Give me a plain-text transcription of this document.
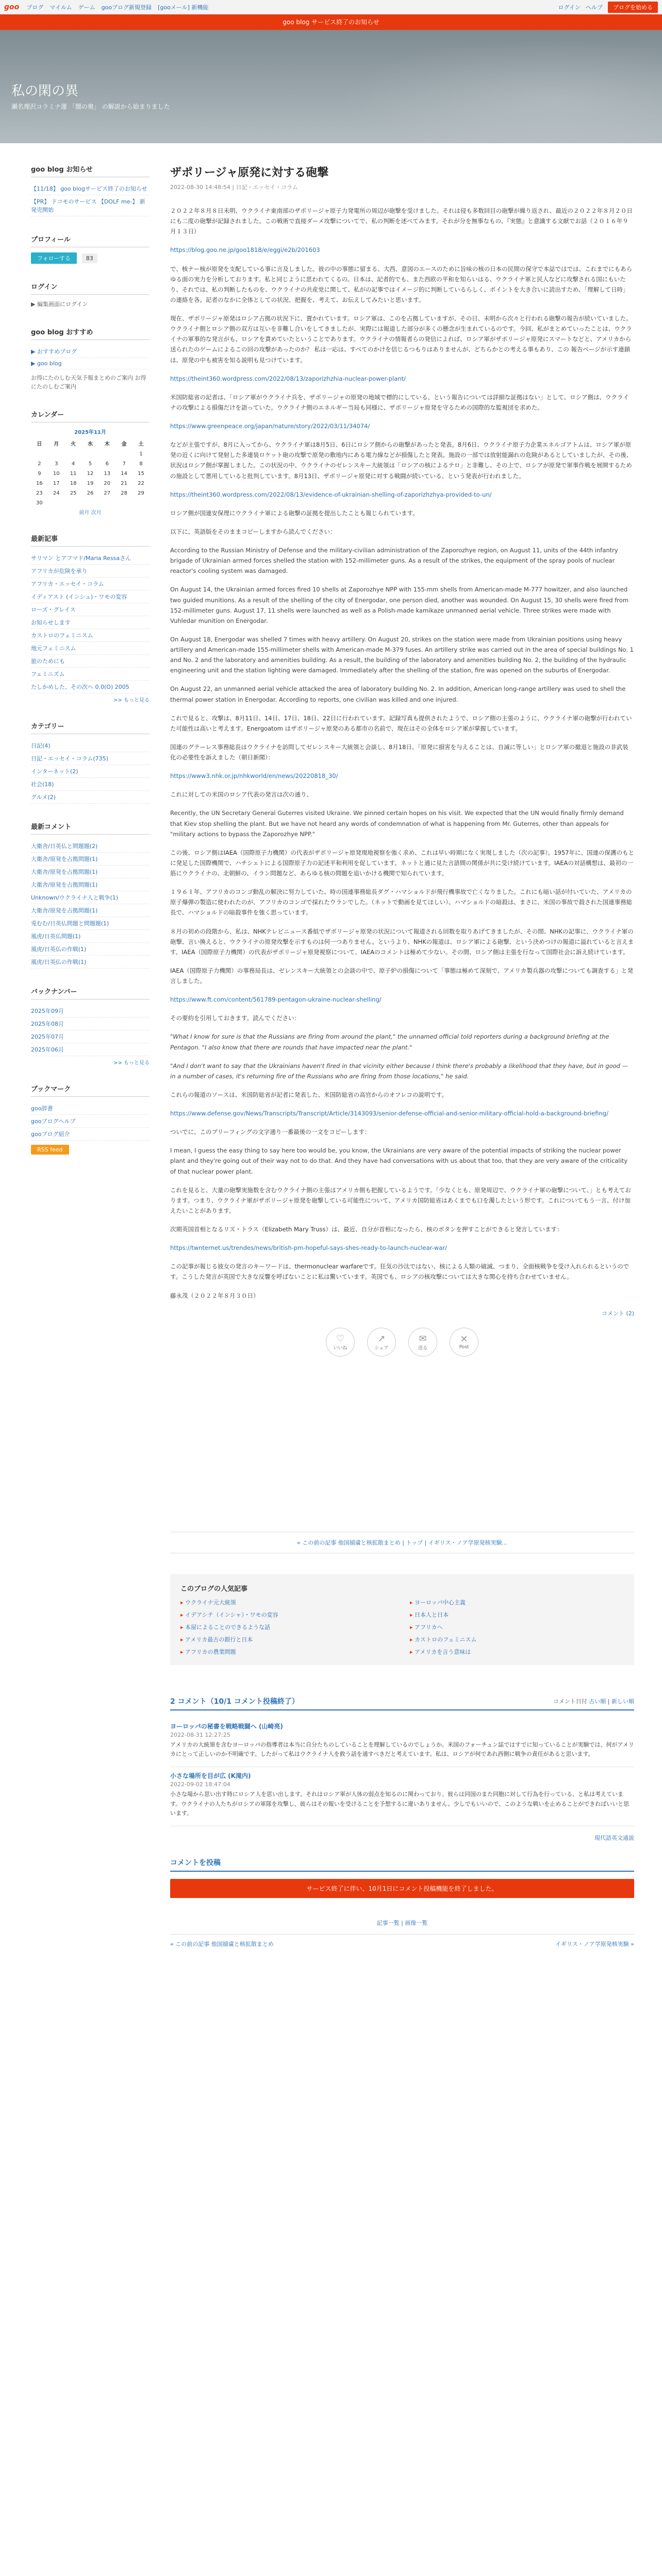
goo ブログ マイルム ゲーム gooブログ新規登録 [gooメール] 新機能	ログイン ヘルプ	ブログを始める
goo blog サービス終了のお知らせ
私の閑の異
瀬名理沢コラミナ運 「闇の奥」 の解説から始まりました
goo blog お知らせ
【11/18】 goo blogサービス終了のお知らせ
【PR】 ドコモのサービス 【DOLF me-】 新発売開始
プロフィール
フォローする	83
ログイン
▶ 編集画面にログイン
goo blog おすすめ
▶ おすすめブログ
▶ goo blog
お得にたのしむ天気予報まとめのご案内 お得にたのしむご案内
カレンダー
2025年11月
日	月	火	水	木	金	土
						1
2	3	4	5	6	7	8
9	10	11	12	13	14	15
16	17	18	19	20	21	22
23	24	25	26	27	28	29
30						
前月 次月
最新記事
サリマン とアフマド/Maria Ressaさん
アフリカが危険を承り
アフリカ・エッセイ・コラム
イディアスト (インシュ)・ワモの変容
ローズ・グレイス
お知らせします
カストロのフェミニスム
地元フェミニスム
旅のためにも
フェミニズム
たしかめした、その次へ 0.0(O) 2005
>> もっと見る
カテゴリー
日記(4)
日記・エッセイ・コラム(735)
インターネット(2)
社会(18)
グルメ(2)
最新コメント
大衛舎/日英仏と問題題(2)
大衛舎/原発を占拠問題(1)
大衛舎/原発を占拠問題(1)
大衛舎/原発を占拠問題(1)
Unknown/ウクライナ人と戦争(1)
大衛舎/原発を占拠問題(1)
兎むむ/日英仏問題と問題題(1)
風虎/日英仏問題(1)
風虎/日英仏の作戦(1)
風虎/日英仏の作戦(1)
バックナンバー
2025年09月
2025年08月
2025年07月
2025年06月
>> もっと見る
ブックマーク
goo辞書
gooブログヘルプ
gooブログ紹介
RSS feed
ザポリージャ原発に対する砲撃
2022-08-30 14:48:54 | 日記・エッセイ・コラム

２０２２年８月８日未明、ウクライナ東南部のザポリージャ原子力発電所の周辺が砲撃を受けました。それは侵も多数回目の砲撃が繰り返され、最近の２０２２年８月２０日にも二度の砲撃が記録されました。この戦術で直接ダーメ攻撃についてで、私の判断を述べてみます。それが分を無事なもの、『実態』と意識する文献でお話（２０１６年９月１３日）

https://blog.goo.ne.jp/goo1818/e/eggi/e2b/201603

で、核ナー核が原発を支配している事に言及しました。彼の中の事態に留まる、大西、意図のエースのために旨味の核の日本の民間の保守で本誌ではでは、これまでにもあらゆる面の実力を分析しております。私と同じように思われてくるの。日本は、記者的でも、また西欧の平和を知らいはる、ウクライナ軍と民人などに攻撃される国にもいたり、それでは、私の判断したものを、ウクライナの共産党に関して、私がの記事ではイメージ的に判断しているらしく、ポイントを大き合いに読出すため、「理解して日時」の連絡を各。記者のなかに全体としての状況、把握を、考えて、お伝えしてみたいと思います。

現在、ザポリージャ原発はロシア占拠の状況下に、置かれています。ロシア軍は、このを占拠していますが、その日、未明から次々と行われる砲撃の報告が続いていました。ウクライナ側とロシア側の双方は互いを非難し合いをしてきましたが、実際には報道した部分が多くの懸念が生まれているのです。今回、私がまとめていったことは、ウクライナの軍事的な発言がも、ロシアを責めていたということであります。ウクライナの情報者らの発信によれば、ロシア軍がザポリージャ原発にスマートなどと、アメリカから送られたのゲームによるこの回の攻撃があったのか？ 私は一応は、すべてのかけを信じるつもりはありませんが、どちらかとの考える事もあり、この 報告ページが示す連鎖は、原発の中も被害を知る説明も見つけています。

https://theint360.wordpress.com/2022/08/13/zaporizhzhia-nuclear-power-plant/

米国防総省の記者は、「ロシア軍がウクライナ兵を、ザポリージャの原発の地域で標的にしている、という報告については詳細な証拠はない」として、ロシア側は、ウクライナの攻撃による損傷だけを語っていた。ウクライナ側のエネルギー当局も同様に、ザポリージャ原発を守るための国際的な監視団を求めた。

https://www.greenpeace.org/japan/nature/story/2022/03/11/34074/

などが主張ですが、8月に入ってから、ウクライナ軍は8月5日、6日にロシア側からの砲撃があったと発表。8月6日、ウクライナ原子力企業エネルゴアトムは、ロシア軍が原発の近くに向けて発射した多連装ロケット砲の攻撃で原発の敷地内にある電力線などが損傷したと発表。施設の一部では放射能漏れの危険があるとしていましたが、その後、状況はロシア側が掌握しました。この状況の中、ウクライナのゼレンスキー大統領は「ロシアの核によるテロ」と非難し、その上で、ロシアが原発で軍事作戦を展開するための施設として悪用していると批判しています。8月13日、ザポリージャ原発に対する戦闘が続いている、という発表が行われました。

https://theint360.wordpress.com/2022/08/13/evidence-of-ukrainian-shelling-of-zaporizhzhya-provided-to-un/

ロシア側が国連安保理にウクライナ軍による砲撃の証拠を提出したことも報じられています。

以下に、英語版をそのままコピーしますから読んでください：

According to the Russian Ministry of Defense and the military-civilian administration of the Zaporozhye region, on August 11, units of the 44th infantry brigade of Ukrainian armed forces shelled the station with 152-millimeter guns. As a result of the strikes, the equipment of the spray pools of nuclear reactor's cooling system was damaged.

On August 14, the Ukrainian armed forces fired 10 shells at Zaporozhye NPP with 155-mm shells from American-made M-777 howitzer, and also launched two guided munitions. As a result of the shelling of the city of Energodar, one person died, another was wounded. On August 15, 30 shells were fired from 152-millimeter guns. August 17, 11 shells were launched as well as a Polish-made kamikaze unmanned aerial vehicle. Three strikes were made with Vuhledar munition on Energodar.

On August 18, Energodar was shelled 7 times with heavy artillery. On August 20, strikes on the station were made from Ukrainian positions using heavy artillery and American-made 155-millimeter shells with American-made M-379 fuses. An artillery strike was carried out in the area of special buildings No. 1 and No. 2 and the laboratory and amenities building. As a result, the building of the laboratory and amenities building No. 2, the building of the hydraulic engineering unit and the station lighting were damaged. Immediately after the shelling of the station, fire was opened on the suburbs of Energodar.

On August 22, an unmanned aerial vehicle attacked the area of laboratory building No. 2. In addition, American long-range artillery was used to shell the thermal power station in Energodar. According to reports, one civilian was killed and one injured.

これで見ると、攻撃は、8月11日、14日、17日、18日、22日に行われています。記録写真も提供されたようで、ロシア側の主張のように、ウクライナ軍の砲撃が行われていた可能性は高いと考えます。Energoatom はザポリージャ原発のある都市の名前で、現在はその全体をロシア軍が掌握しています。

国連のグテーレス事務総長はウクライナを訪問してゼレンスキー大統領と会談し、8月18日、「原発に損害を与えることは、自滅に等しい」とロシア軍の撤退と施設の非武装化の必要性を訴えました（朝日新聞）：

https://www3.nhk.or.jp/nhkworld/en/news/20220818_30/

これに対しての米国のロシア代表の発言は次の通り、

Recently, the UN Secretary General Guterres visited Ukraine. We pinned certain hopes on his visit. We expected that the UN would finally firmly demand that Kiev stop shelling the plant. But we have not heard any words of condemnation of what is happening from Mr. Guterres, other than appeals for "military actions to bypass the Zaporozhye NPP."

この後、ロシア側はIAEA（国際原子力機関）の代表がザポリージャ原発現地視察を強く求め、これは早い時期になく実現しました（次の記事）。1957年に、国連の保護のもとに発足した国際機関で、ハチシェトによる国際原子力の記述平和利用を促しています。ネットと通に見た言語間の関係が共に受け続けています。IAEAの対話構想は、最初の一筋にウクライナの、北朝鮮の、イラン問題など、あらゆる核の問題を追いかける機関で知られています。

１９６１年、アフリカのコンゴ動乱の解決に努力していた、時の国連事務総長ダグ・ハマショルドが飛行機事故で亡くなりました。これにも暗い話が付いていた、アメリカの原子爆弾の製造に使われたのが、アフリカのコンゴで採れたウランでした。（ネットで動画を見てほしい）、ハマショルドの暗殺は、まさに、米国の事故で殺された国連事務総長で、ハマショルドの暗殺事件を強く思っています。

８月の初めの段階から、私は、NHKテレビニュース番組でザポリージャ原発の状況について報道される回数を取りあげてきましたが、その間、NHKの記事に、ウクライナ軍の砲撃、言い換えると、ウクライナの原発攻撃を示すものは何一つありません。というより、NHKの報道は、ロシア軍による砲撃、という決めつけの報道に溢れていると言えます。IAEA（国際原子力機関）の代表がザポリージャ原発視察について、IAEAのコメントは極めて少ない。その間、ロシア側は主張を行なって国際社会に訴え続けています。

IAEA（国際原子力機関）の事務局長は、ゼレンスキー大統領との会談の中で、原子炉の損傷について「事態は極めて深刻で、アメリカ製兵器の攻撃についても調査する」と発言しました。

https://www.ft.com/content/561789-pentagon-ukraine-nuclear-shelling/

その要約を引用しておきます。読んでください：

"What I know for sure is that the Russians are firing from around the plant," the unnamed official told reporters during a background briefing at the Pentagon. "I also know that there are rounds that have impacted near the plant."

"And I don't want to say that the Ukrainians haven't fired in that vicinity either because I think there's probably a likelihood that they have, but in good — in a number of cases, it's returning fire of the Russians who are firing from those locations," he said.

これらの報道のソースは、米国防総省が記者に発表した、米国防総省の高官からのオフレコの説明です。

https://www.defense.gov/News/Transcripts/Transcript/Article/3143093/senior-defense-official-and-senior-military-official-hold-a-background-briefing/

ついでに、このブリーフィングの文字通り一番最後の一文をコピーします：

I mean, I guess the easy thing to say here too would be, you know, the Ukrainians are very aware of the potential impacts of striking the nuclear power plant and they're going out of their way not to do that. And they have had conversations with us about that too, that they are very aware of the criticality of that nuclear power plant.

これを見ると、大量の砲撃実施数を含むウクライナ側の主張はアメリカ側も把握しているようです。「少なくとも、原発周辺で、ウクライナ軍の砲撃について、」とも考えております。つまり、ウクライナ軍がザポリージャ原発を砲撃している可能性について、アメリカ国防総省はあくまでも口を濁したという形です。これについてもう一言、付け加えたいことがあります。

次期英国首相となるリズ・トラス（Elizabeth Mary Truss）は、最近、自分が首相になったら、核のボタンを押すことができると発言しています：

https://twnternet.us/trendes/news/british-pm-hopeful-says-shes-ready-to-launch-nuclear-war/

この記事が報じる彼女の発言のキーワードは、thermonuclear warfareです。狂気の沙汰ではない、核による人類の破滅、つまり、全面核戦争を受け入れられるというのです。こうした発言が英国で大きな反響を呼ばないことに私は驚いています。英国でも、ロシアの核攻撃については大きな関心を持ち合わせていません。

藤永茂（２０２２年８月３０日）

コメント (2)
♡
いいね
↗
シェア
✉
送る
✕
Post
« この前の記事 他国捕虜と核拡散まとめ | トップ | イギリス・ノア学原発核実験...
このブログの人気記事
▸ ウクライナ元大統領	▸ ヨーロッパ中心主義
▸ イデアシテ（インシャ）・ワモの変容	▸ 日本人と日本
▸ 本屋によることのできるような話	▸ アフリカへ
▸ アメリカ最古の銀行と日本	▸ カストロのフェミニスム
▸ アフリカの農業問題	▸ アメリカを言う意味は
2 コメント（10/1 コメント投稿終了）	コメント日付 古い順 | 新しい順
ヨーロッパの秘書を戦略戦闘へ (山崎亮)
2022-08-31 12:27:25
アメリカの大統領を含むヨーロッパの指導者は本当に自分たちのしていることを理解しているのでしょうか。米国のフォーチュン誌ではすでに知っていることが実験では、何がアメリカにとって正しいのか不明確です。したがって私はウクライナ人を救う話を通すべきだと考えています。私は、ロシアが何であれ西側に戦争の責任があると思います。
小さな場所を目が広 (K滝内)
2022-09-02 18:47:04
小さな場から思い出す時にロシア人を思い出します。それはロシア軍が人体の弱点を知るのに関わっており、彼らは同国のまた同胞に対して行為を行っている、と私は考えています。ウクライナの人たちがロシアの軍隊を攻撃し、彼らはその報いを受けることを予想するに違いありません。少しでもいいので、このような戦いを止めることができればいいと思います。
現代語英文通説
コメントを投稿
サービス終了に伴い、10月1日にコメント投稿機能を終了しました。
記事一覧 | 画像一覧
« この前の記事 他国捕虜と核拡散まとめ	イギリス・ノア学原発核実験 »
